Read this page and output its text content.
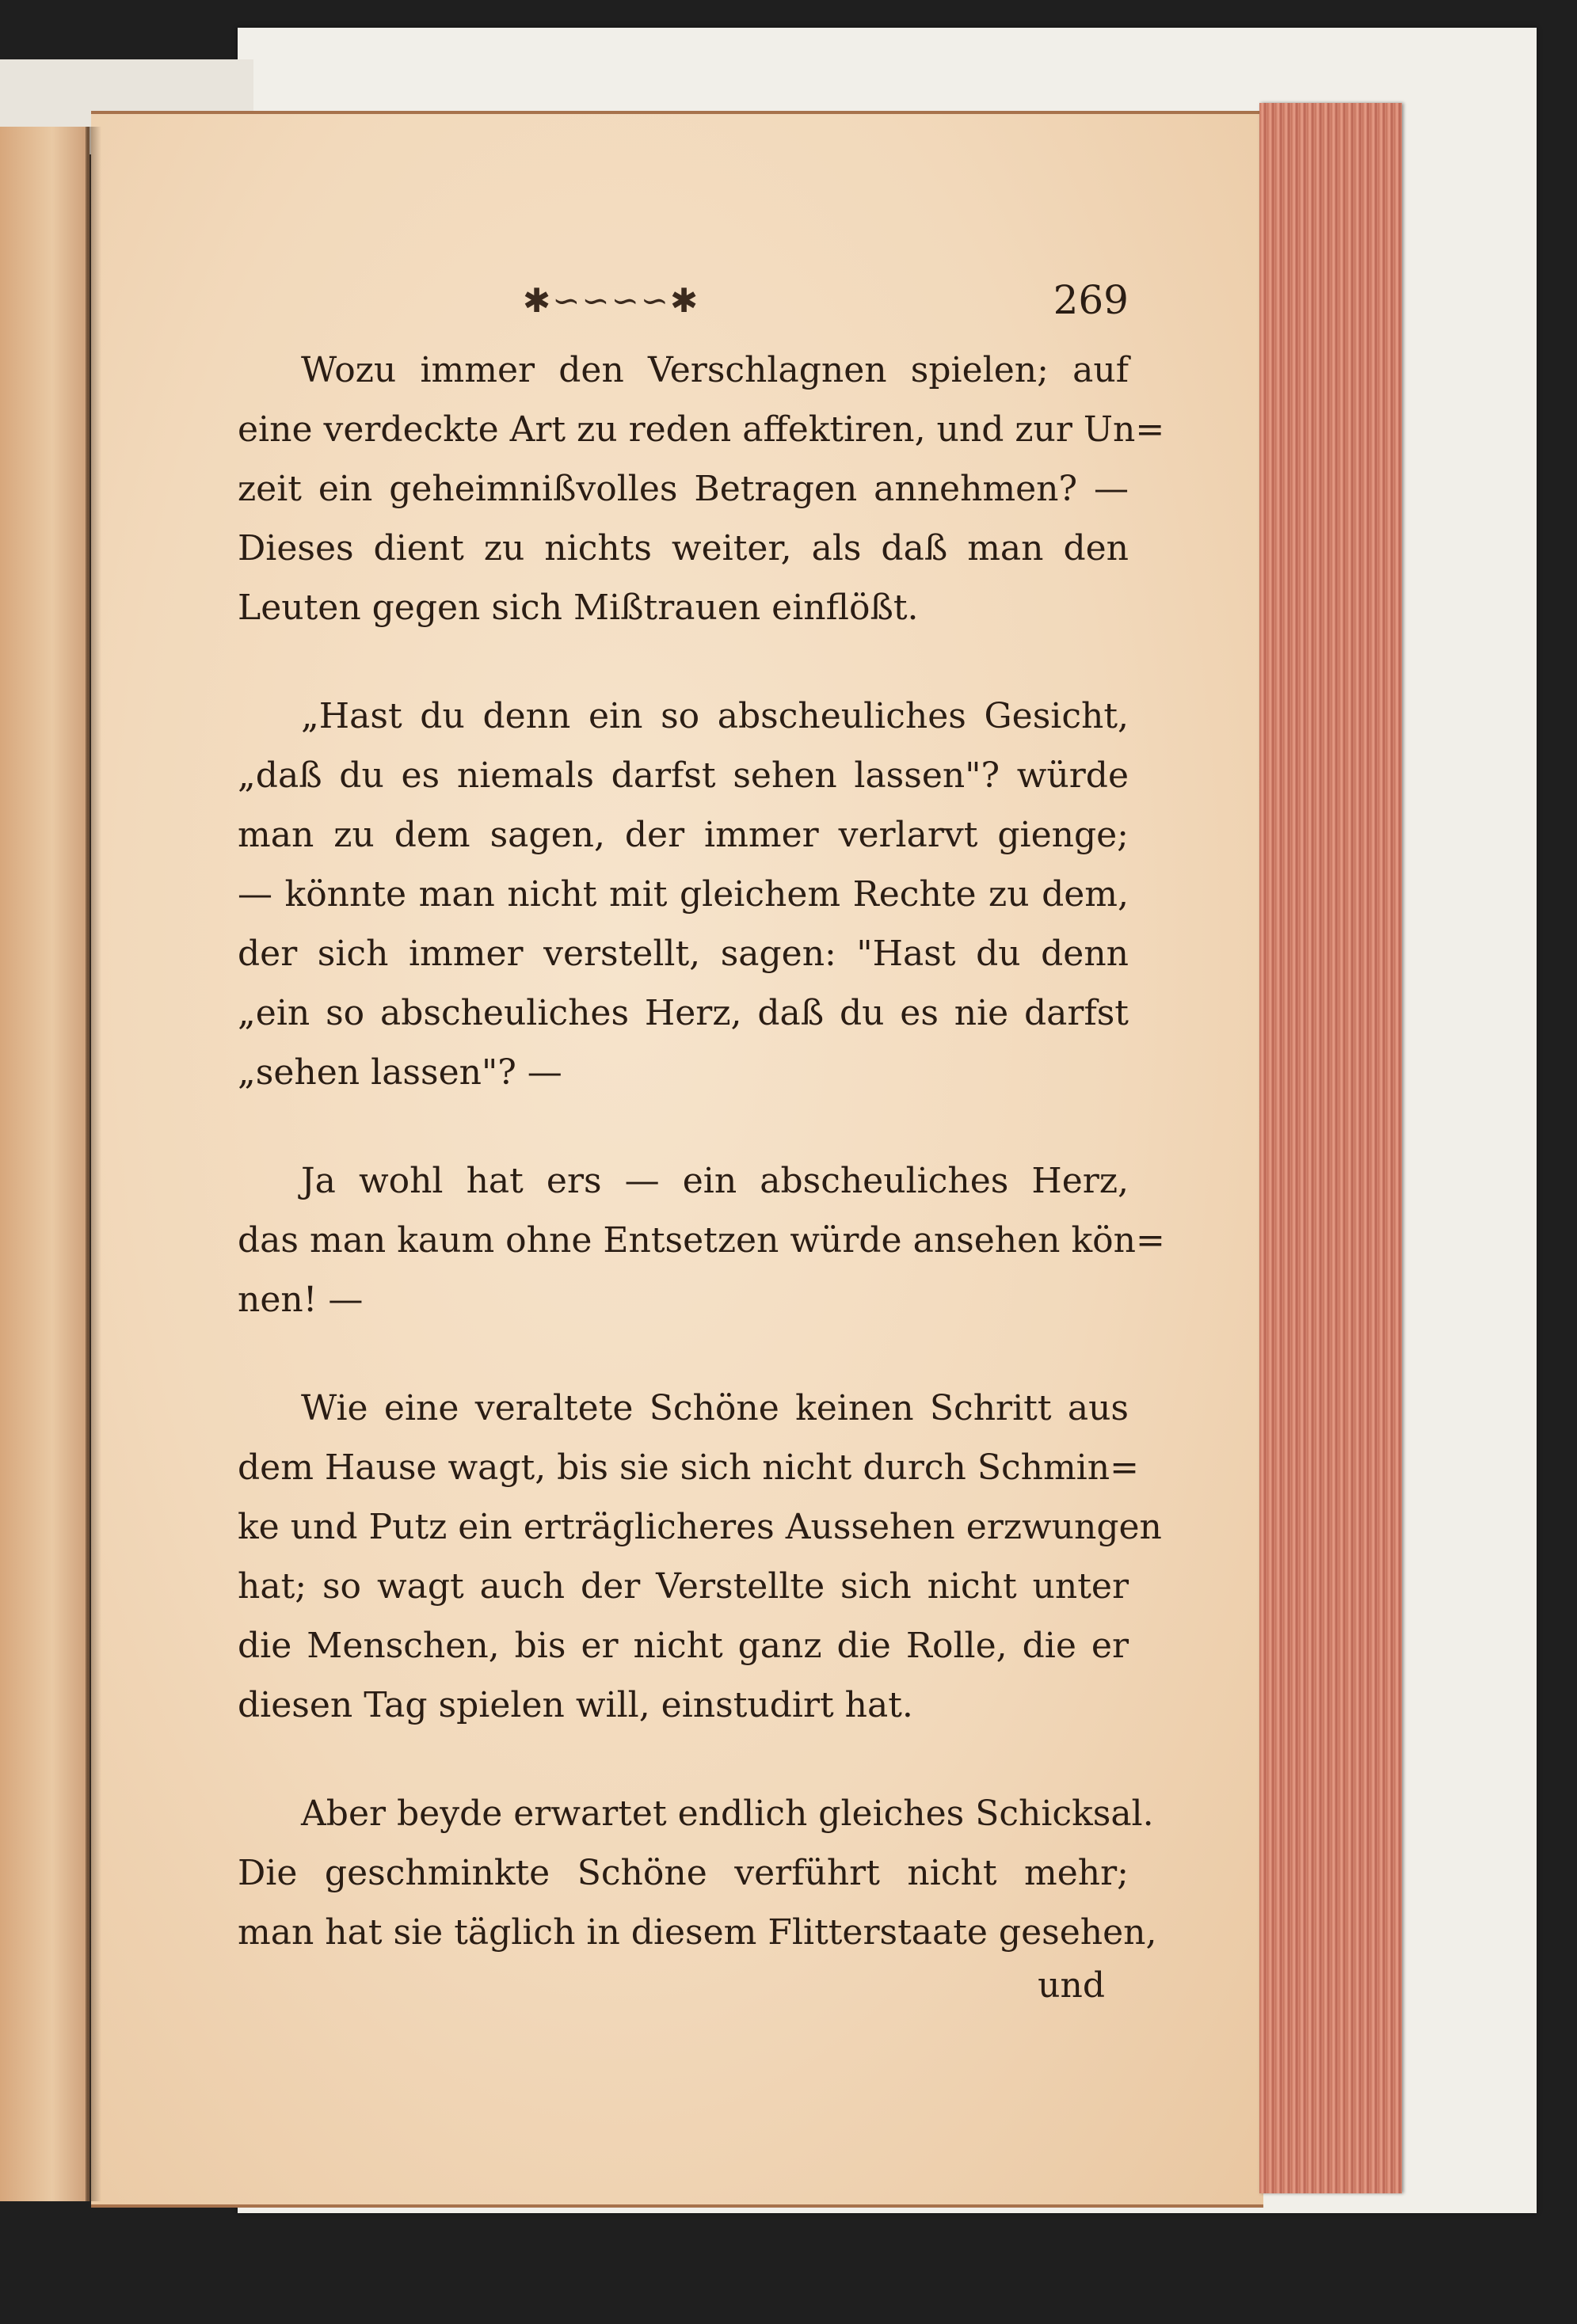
✱∽∽∽∽✱	269
Wozu immer den Verschlagnen spielen; auf
eine verdeckte Art zu reden affektiren, und zur Un=
zeit ein geheimnißvolles Betragen annehmen? —
Dieses dient zu nichts weiter, als daß man den
Leuten gegen sich Mißtrauen einflößt.
„Hast du denn ein so abscheuliches Gesicht,
„daß du es niemals darfst sehen lassen"? würde
man zu dem sagen, der immer verlarvt gienge;
— könnte man nicht mit gleichem Rechte zu dem,
der sich immer verstellt, sagen: "Hast du denn
„ein so abscheuliches Herz, daß du es nie darfst
„sehen lassen"? —
Ja wohl hat ers — ein abscheuliches Herz,
das man kaum ohne Entsetzen würde ansehen kön=
nen! —
Wie eine veraltete Schöne keinen Schritt aus
dem Hause wagt, bis sie sich nicht durch Schmin=
ke und Putz ein erträglicheres Aussehen erzwungen
hat; so wagt auch der Verstellte sich nicht unter
die Menschen, bis er nicht ganz die Rolle, die er
diesen Tag spielen will, einstudirt hat.
Aber beyde erwartet endlich gleiches Schicksal.
Die geschminkte Schöne verführt nicht mehr;
man hat sie täglich in diesem Flitterstaate gesehen,
und
